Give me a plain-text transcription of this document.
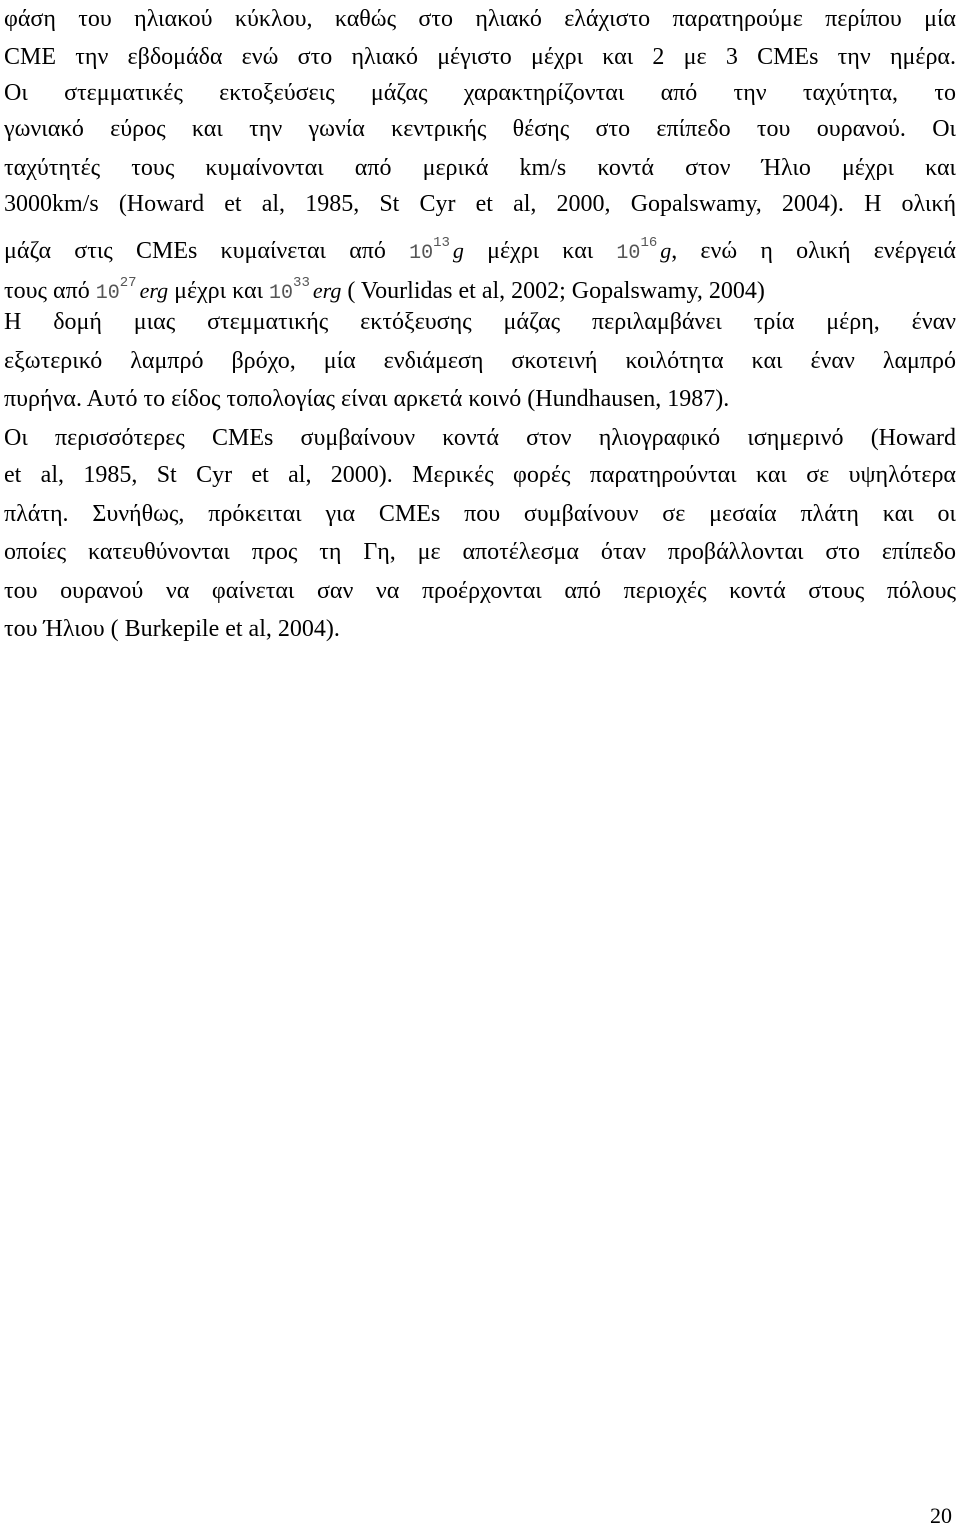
φάση του ηλιακού κύκλου, καθώς στο ηλιακό ελάχιστο παρατηρούμε περίπου μία
CME την εβδομάδα ενώ στο ηλιακό μέγιστο μέχρι και 2 με 3 CMEs την ημέρα.
Οι στεμματικές εκτοξεύσεις μάζας χαρακτηρίζονται από την ταχύτητα, το
γωνιακό εύρος και την γωνία κεντρικής θέσης στο επίπεδο του ουρανού. Οι
ταχύτητές τους κυμαίνονται από μερικά km/s κοντά στον Ήλιο μέχρι και
3000km/s (Howard et al, 1985, St Cyr et al, 2000, Gopalswamy, 2004). Η ολική
μάζα στις CMEs κυμαίνεται από $10^{13}$ g μέχρι και $10^{16}$ g, ενώ η ολική ενέργειά
τους από $10^{27}$ erg μέχρι και $10^{33}$ erg ( Vourlidas et al, 2002; Gopalswamy, 2004)
Η δομή μιας στεμματικής εκτόξευσης μάζας περιλαμβάνει τρία μέρη, έναν
εξωτερικό λαμπρό βρόχο, μία ενδιάμεση σκοτεινή κοιλότητα και έναν λαμπρό
πυρήνα. Αυτό το είδος τοπολογίας είναι αρκετά κοινό (Hundhausen, 1987).
Οι περισσότερες CMEs συμβαίνουν κοντά στον ηλιογραφικό ισημερινό (Howard
et al, 1985, St Cyr et al, 2000). Μερικές φορές παρατηρούνται και σε υψηλότερα
πλάτη. Συνήθως, πρόκειται για CMEs που συμβαίνουν σε μεσαία πλάτη και οι
οποίες κατευθύνονται προς τη Γη, με αποτέλεσμα όταν προβάλλονται στο επίπεδο
του ουρανού να φαίνεται σαν να προέρχονται από περιοχές κοντά στους πόλους
του Ήλιου ( Burkepile et al, 2004).
20
